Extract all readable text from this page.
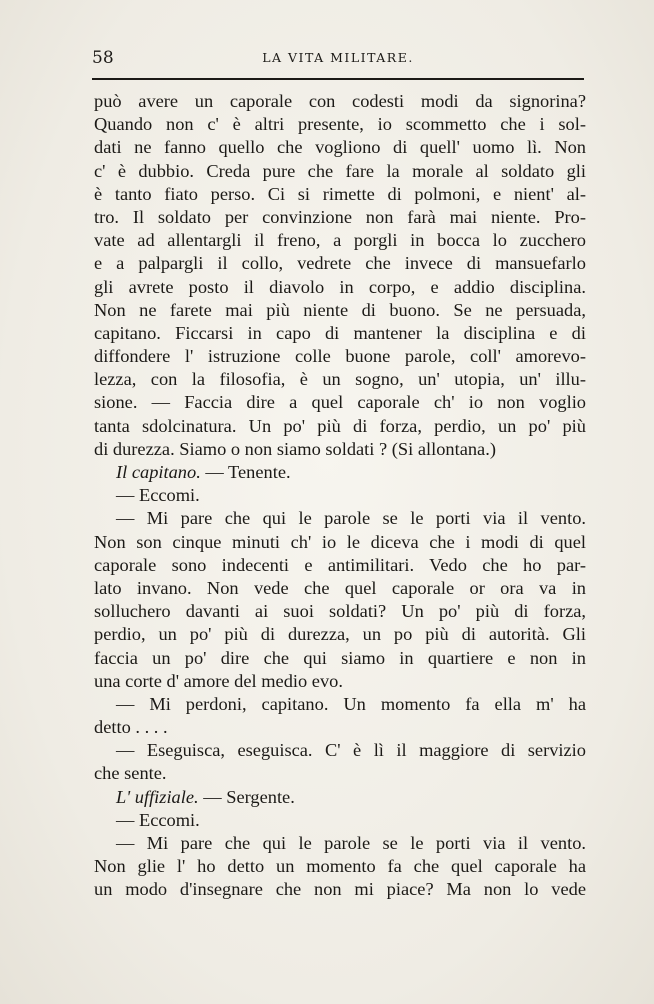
58	LA VITA MILITARE.
può avere un caporale con codesti modi da signorina?
Quando non c' è altri presente, io scommetto che i sol-
dati ne fanno quello che vogliono di quell' uomo lì. Non
c' è dubbio. Creda pure che fare la morale al soldato gli
è tanto fiato perso. Ci si rimette di polmoni, e nient' al-
tro. Il soldato per convinzione non farà mai niente. Pro-
vate ad allentargli il freno, a porgli in bocca lo zucchero
e a palpargli il collo, vedrete che invece di mansuefarlo
gli avrete posto il diavolo in corpo, e addio disciplina.
Non ne farete mai più niente di buono. Se ne persuada,
capitano. Ficcarsi in capo di mantener la disciplina e di
diffondere l' istruzione colle buone parole, coll' amorevo-
lezza, con la filosofia, è un sogno, un' utopia, un' illu-
sione. — Faccia dire a quel caporale ch' io non voglio
tanta sdolcinatura. Un po' più di forza, perdio, un po' più
di durezza. Siamo o non siamo soldati ? (Si allontana.)
Il capitano. — Tenente.
— Eccomi.
— Mi pare che qui le parole se le porti via il vento.
Non son cinque minuti ch' io le diceva che i modi di quel
caporale sono indecenti e antimilitari. Vedo che ho par-
lato invano. Non vede che quel caporale or ora va in
solluchero davanti ai suoi soldati? Un po' più di forza,
perdio, un po' più di durezza, un po più di autorità. Gli
faccia un po' dire che qui siamo in quartiere e non in
una corte d' amore del medio evo.
— Mi perdoni, capitano. Un momento fa ella m' ha
detto . . . .
— Eseguisca, eseguisca. C' è lì il maggiore di servizio
che sente.
L' uffiziale. — Sergente.
— Eccomi.
— Mi pare che qui le parole se le porti via il vento.
Non glie l' ho detto un momento fa che quel caporale ha
un modo d'insegnare che non mi piace? Ma non lo vede
